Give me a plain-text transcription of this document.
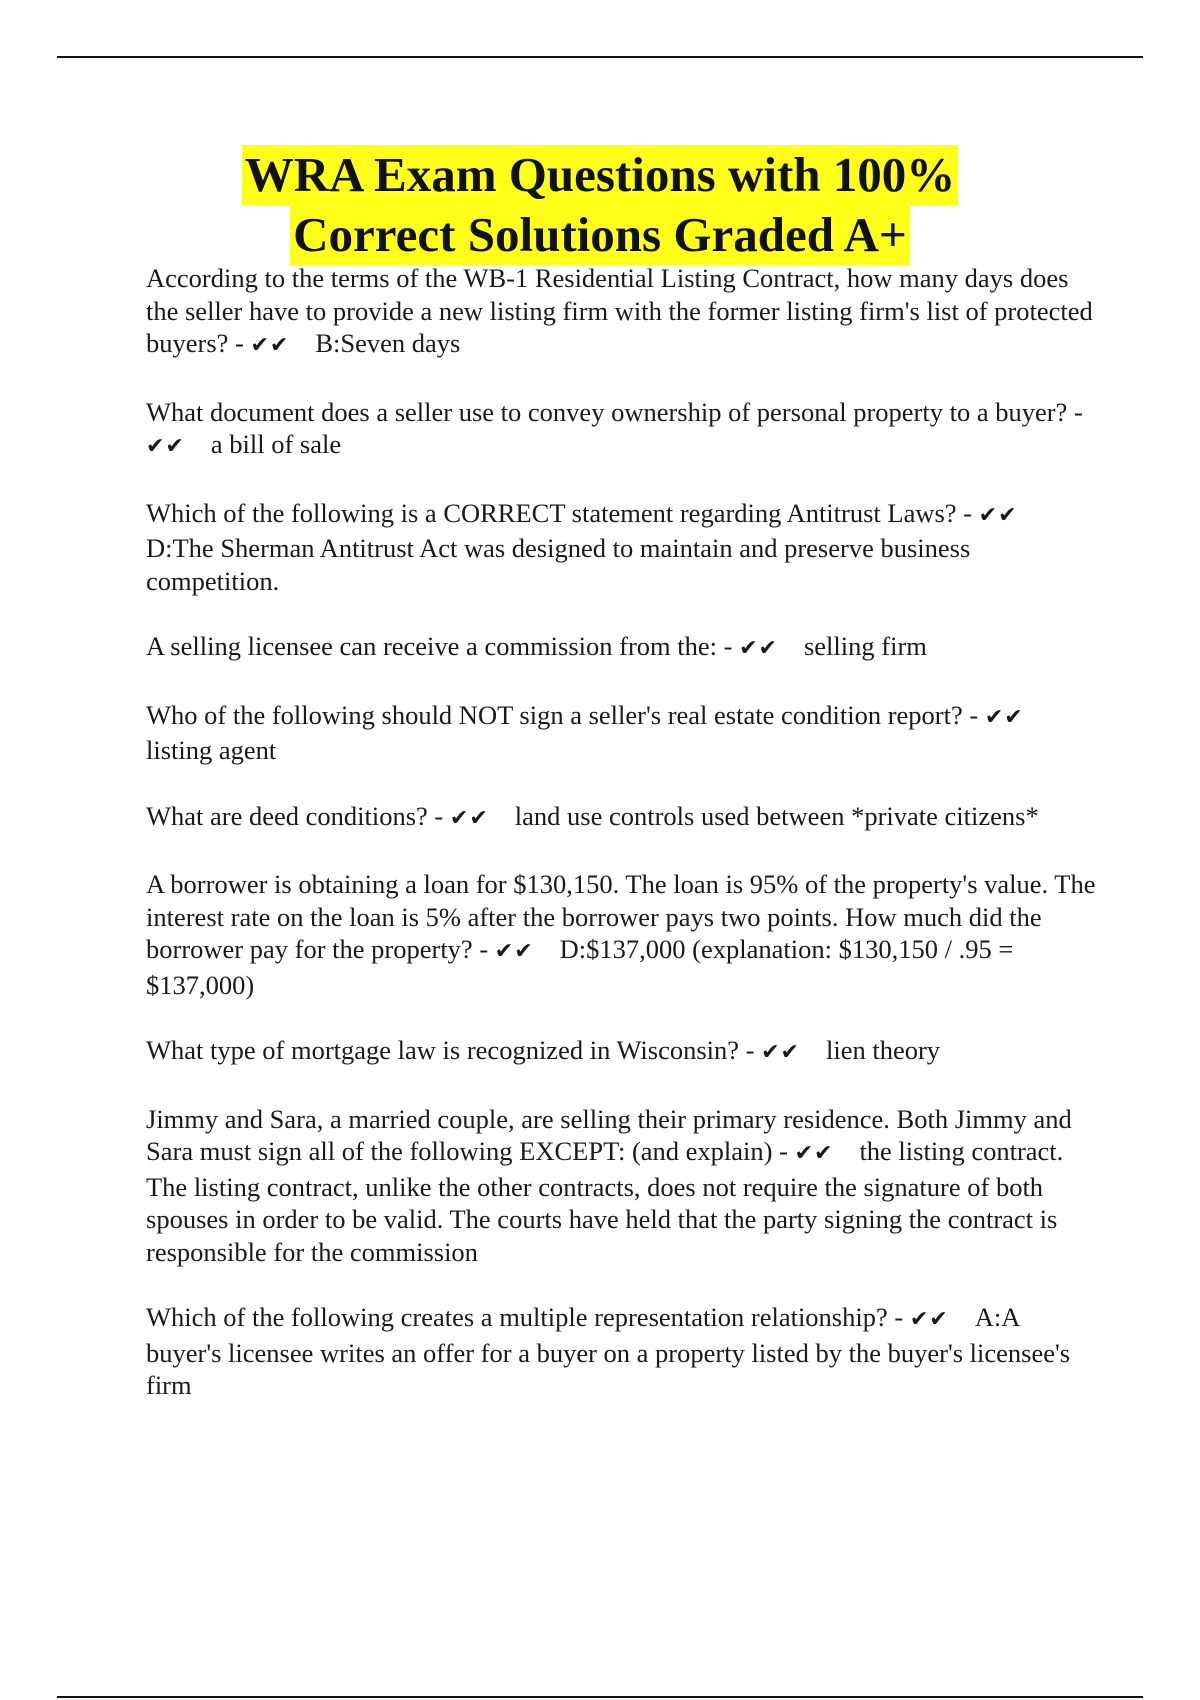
WRA Exam Questions with 100%
Correct Solutions Graded A+
According to the terms of the WB-1 Residential Listing Contract, how many days does the seller have to provide a new listing firm with the former listing firm's list of protected buyers? - ✔✔ B:Seven days
What document does a seller use to convey ownership of personal property to a buyer? - ✔✔ a bill of sale
Which of the following is a CORRECT statement regarding Antitrust Laws? - ✔✔D:The Sherman Antitrust Act was designed to maintain and preserve business competition.
A selling licensee can receive a commission from the: - ✔✔ selling firm
Who of the following should NOT sign a seller's real estate condition report? - ✔✔listing agent
What are deed conditions? - ✔✔ land use controls used between *private citizens*
A borrower is obtaining a loan for $130,150. The loan is 95% of the property's value. The interest rate on the loan is 5% after the borrower pays two points. How much did the borrower pay for the property? - ✔✔ D:$137,000 (explanation: $130,150 / .95 = $137,000)
What type of mortgage law is recognized in Wisconsin? - ✔✔ lien theory
Jimmy and Sara, a married couple, are selling their primary residence. Both Jimmy and Sara must sign all of the following EXCEPT: (and explain) - ✔✔ the listing contract. The listing contract, unlike the other contracts, does not require the signature of both spouses in order to be valid. The courts have held that the party signing the contract is responsible for the commission
Which of the following creates a multiple representation relationship? - ✔✔ A:A buyer's licensee writes an offer for a buyer on a property listed by the buyer's licensee's firm
